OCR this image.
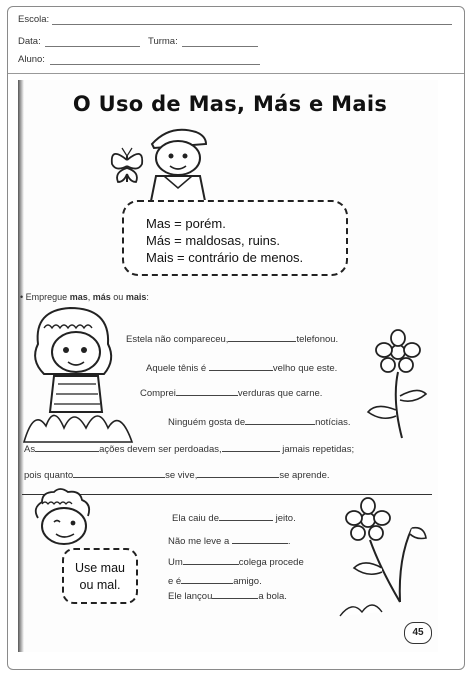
Escola:
Data:	Turma:
Aluno:
O Uso de Mas, Más e Mais
Mas = porém.
Más = maldosas, ruins.
Mais = contrário de menos.
• Empregue mas, más ou mais:
Estela não compareceu,	telefonou.
Aquele tênis é	velho que este.
Comprei	verduras que carne.
Ninguém gosta de	notícias.
As	ações devem ser perdoadas,	jamais repetidas;
pois quanto	se vive,	se aprende.
Use mau
ou mal.
Ela caiu de	jeito.
Não me leve a	.
Um	colega procede
e é	amigo.
Ele lançou	a bola.
45
